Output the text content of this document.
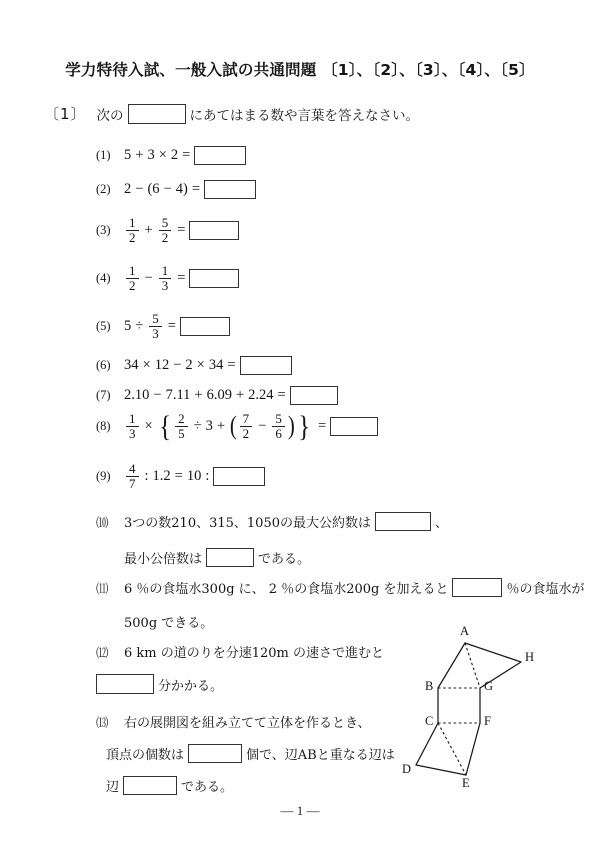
学力特待入試、一般入試の共通問題 〔1〕、〔2〕、〔3〕、〔4〕、〔5〕
〔1〕 次の	にあてはまる数や言葉を答えなさい。
(1) 5 + 3 × 2 =
(2) 2 − ( 6 − 4 ) =
(3)	$\frac{1}{2} + \frac{5}{2}$ =
(4)	$\frac{1}{2} - \frac{1}{3}$ =
(5) $5 \div \frac{5}{3}$ =
(6) 34 × 12 − 2 × 34 =
(7) 2.10 − 7.11 + 6.09 + 2.24 =
(8)	$\frac{1}{3}$ × { $\frac{2}{5} \div 3$ + ( $\frac{7}{2} - \frac{5}{6}$ ) } =
(9)	$\frac{4}{7}$ : 1.2 = 10 :
⑽	3つの数210、315、1050の最大公約数は	、
最小公倍数は	である。
⑾	6 ％の食塩水300g に、 2 ％の食塩水200g を加えると	％の食塩水が
500g できる。
⑿	6 km の道のりを分速120m の速さで進むと
分かかる。
⒀	右の展開図を組み立てて立体を作るとき、
頂点の個数は	個で、辺ABと重なる辺は
辺	である。
A
H
B	G
C	F
D
E
― 1 ―
